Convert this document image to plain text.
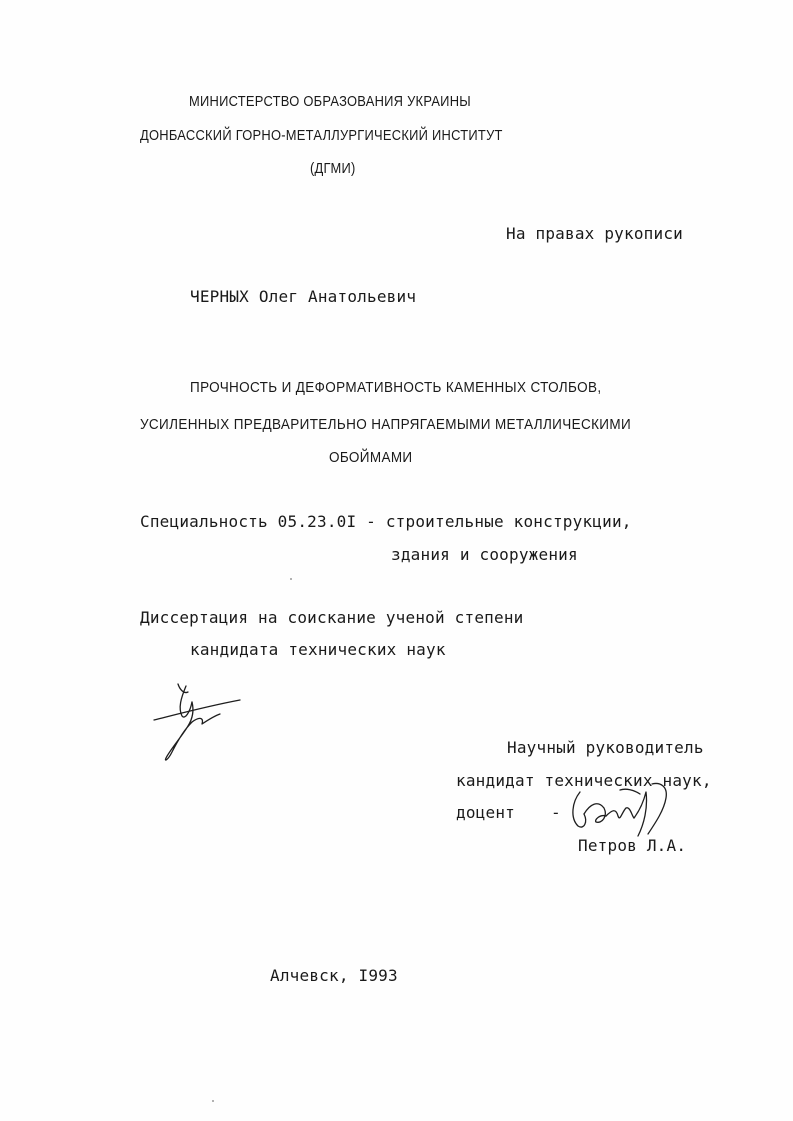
МИНИСТЕРСТВО ОБРАЗОВАНИЯ УКРАИНЫ
ДОНБАССКИЙ ГОРНО-МЕТАЛЛУРГИЧЕСКИЙ ИНСТИТУТ
(ДГМИ)
На правах рукописи
ЧЕРНЫХ Олег Анатольевич
ПРОЧНОСТЬ И ДЕФОРМАТИВНОСТЬ КАМЕННЫХ СТОЛБОВ,
УСИЛЕННЫХ ПРЕДВАРИТЕЛЬНО НАПРЯГАЕМЫМИ МЕТАЛЛИЧЕСКИМИ
ОБОЙМАМИ
Специальность 05.23.0I - строительные конструкции,
здания и сооружения
Диссертация на соискание ученой степени
кандидата технических наук
Научный руководитель
кандидат технических наук,
доцент -
Петров Л.А.
Алчевск, I993
